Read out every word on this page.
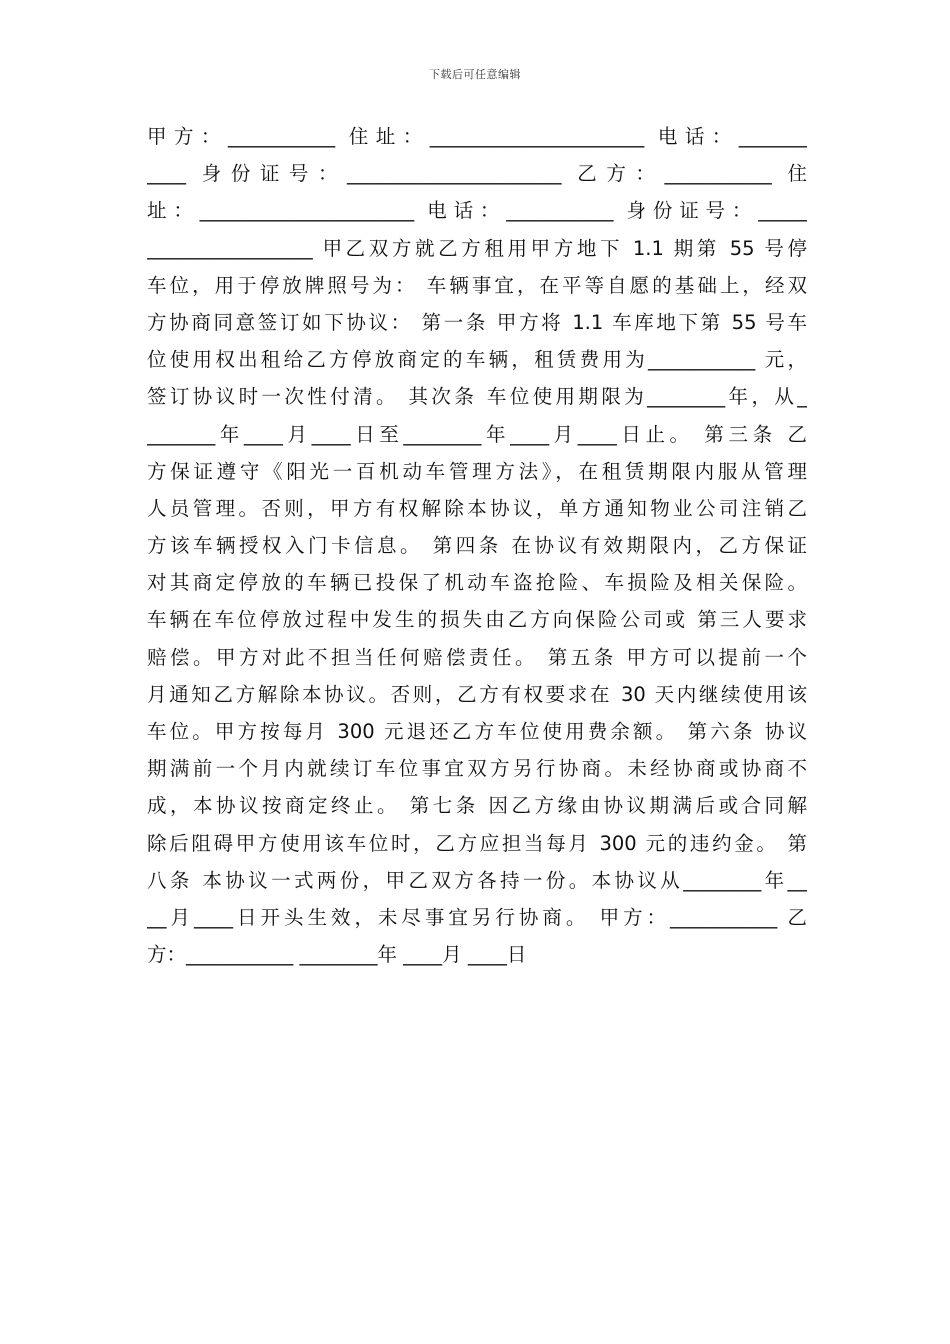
下载后可任意编辑
甲方：___________ 住址：______________________ 电话：_______
____ 身份证号：______________________ 乙方：___________ 住
址：______________________ 电话：___________ 身份证号：_____
_________________ 甲乙双方就乙方租用甲方地下 1.1 期第 55 号停
车位，用于停放牌照号为： 车辆事宜，在平等自愿的基础上，经双
方协商同意签订如下协议： 第一条 甲方将 1.1 车库地下第 55 号车
位使用权出租给乙方停放商定的车辆，租赁费用为___________ 元，
签订协议时一次性付清。 其次条 车位使用期限为________年，从_
_______年____月____日至________年____月____日止。 第三条 乙
方保证遵守《阳光一百机动车管理方法》，在租赁期限内服从管理
人员管理。否则，甲方有权解除本协议，单方通知物业公司注销乙
方该车辆授权入门卡信息。 第四条 在协议有效期限内，乙方保证
对其商定停放的车辆已投保了机动车盗抢险、车损险及相关保险。
车辆在车位停放过程中发生的损失由乙方向保险公司或 第三人要求
赔偿。甲方对此不担当任何赔偿责任。 第五条 甲方可以提前一个
月通知乙方解除本协议。否则，乙方有权要求在 30 天内继续使用该
车位。甲方按每月 300 元退还乙方车位使用费余额。 第六条 协议
期满前一个月内就续订车位事宜双方另行协商。未经协商或协商不
成，本协议按商定终止。 第七条 因乙方缘由协议期满后或合同解
除后阻碍甲方使用该车位时，乙方应担当每月 300 元的违约金。 第
八条 本协议一式两份，甲乙双方各持一份。本协议从________年__
__月____日开头生效，未尽事宜另行协商。 甲方：___________ 乙
方：___________ ________年 ____月 ____日
